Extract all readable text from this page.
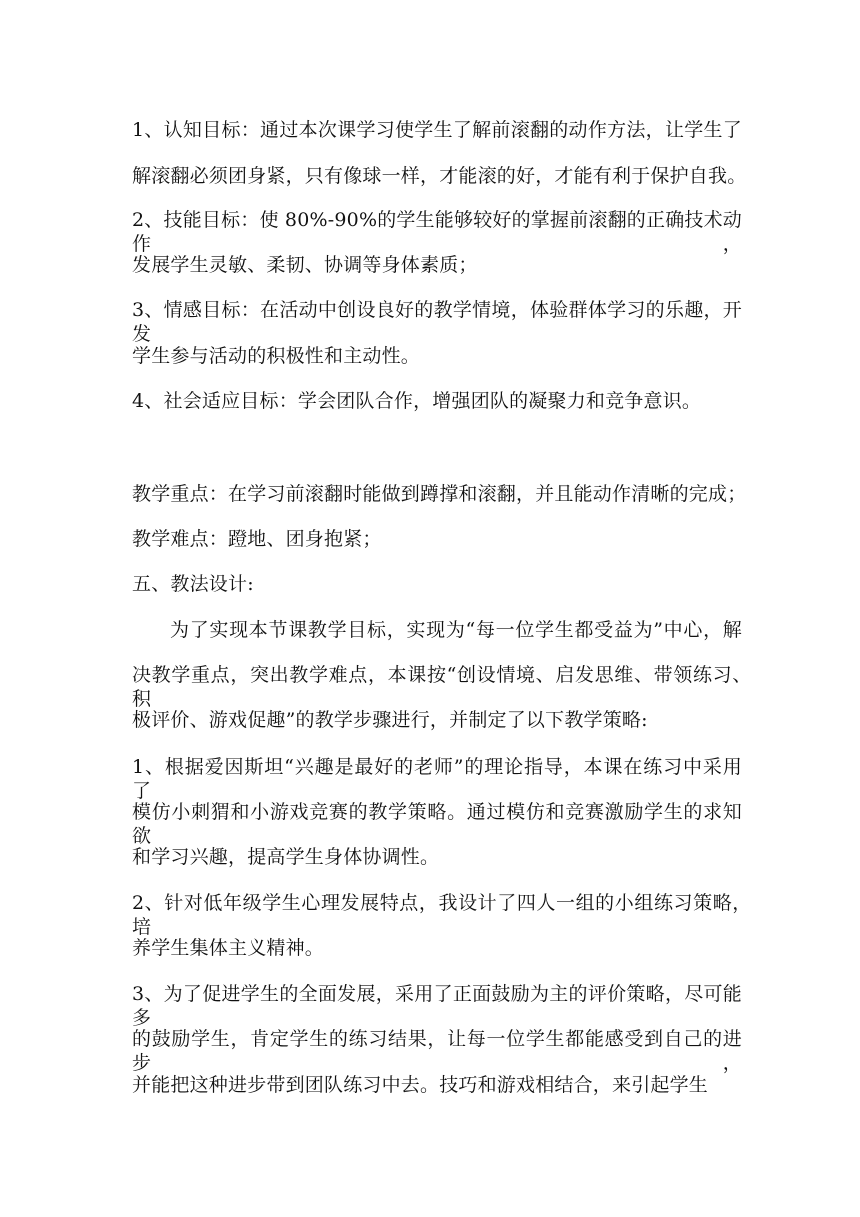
1、认知目标：通过本次课学习使学生了解前滚翻的动作方法，让学生了
解滚翻必须团身紧，只有像球一样，才能滚的好，才能有利于保护自我。
2、技能目标：使 80%-90%的学生能够较好的掌握前滚翻的正确技术动作，
发展学生灵敏、柔韧、协调等身体素质；
3、情感目标：在活动中创设良好的教学情境，体验群体学习的乐趣，开　发
学生参与活动的积极性和主动性。
4、社会适应目标：学会团队合作，增强团队的凝聚力和竞争意识。
教学重点：在学习前滚翻时能做到蹲撑和滚翻，并且能动作清晰的完成；
教学难点：蹬地、团身抱紧；
五、教法设计:
为了实现本节课教学目标，实现为“每一位学生都受益为”中心，解
决教学重点，突出教学难点，本课按“创设情境、启发思维、带领练习、　积
极评价、游戏促趣”的教学步骤进行，并制定了以下教学策略:
1、根据爱因斯坦“兴趣是最好的老师”的理论指导，本课在练习中采用　了
模仿小刺猬和小游戏竞赛的教学策略。通过模仿和竞赛激励学生的求知　欲
和学习兴趣，提高学生身体协调性。
2、针对低年级学生心理发展特点，我设计了四人一组的小组练习策略，　培
养学生集体主义精神。
3、为了促进学生的全面发展，采用了正面鼓励为主的评价策略，尽可能　多
的鼓励学生，肯定学生的练习结果，让每一位学生都能感受到自己的进　步，
并能把这种进步带到团队练习中去。技巧和游戏相结合，来引起学生
